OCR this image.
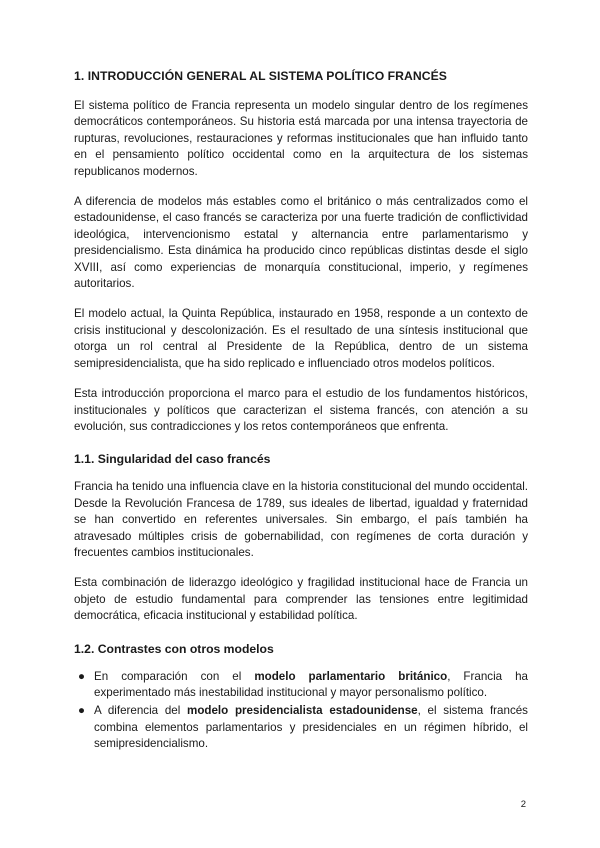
1. INTRODUCCIÓN GENERAL AL SISTEMA POLÍTICO FRANCÉS

El sistema político de Francia representa un modelo singular dentro de los regímenes democráticos contemporáneos. Su historia está marcada por una intensa trayectoria de rupturas, revoluciones, restauraciones y reformas institucionales que han influido tanto en el pensamiento político occidental como en la arquitectura de los sistemas republicanos modernos.

A diferencia de modelos más estables como el británico o más centralizados como el estadounidense, el caso francés se caracteriza por una fuerte tradición de conflictividad ideológica, intervencionismo estatal y alternancia entre parlamentarismo y presidencialismo. Esta dinámica ha producido cinco repúblicas distintas desde el siglo XVIII, así como experiencias de monarquía constitucional, imperio, y regímenes autoritarios.

El modelo actual, la Quinta República, instaurado en 1958, responde a un contexto de crisis institucional y descolonización. Es el resultado de una síntesis institucional que otorga un rol central al Presidente de la República, dentro de un sistema semipresidencialista, que ha sido replicado e influenciado otros modelos políticos.

Esta introducción proporciona el marco para el estudio de los fundamentos históricos, institucionales y políticos que caracterizan el sistema francés, con atención a su evolución, sus contradicciones y los retos contemporáneos que enfrenta.

1.1. Singularidad del caso francés

Francia ha tenido una influencia clave en la historia constitucional del mundo occidental. Desde la Revolución Francesa de 1789, sus ideales de libertad, igualdad y fraternidad se han convertido en referentes universales. Sin embargo, el país también ha atravesado múltiples crisis de gobernabilidad, con regímenes de corta duración y frecuentes cambios institucionales.

Esta combinación de liderazgo ideológico y fragilidad institucional hace de Francia un objeto de estudio fundamental para comprender las tensiones entre legitimidad democrática, eficacia institucional y estabilidad política.

1.2. Contrastes con otros modelos
● En comparación con el modelo parlamentario británico, Francia ha experimentado más inestabilidad institucional y mayor personalismo político.
● A diferencia del modelo presidencialista estadounidense, el sistema francés combina elementos parlamentarios y presidenciales en un régimen híbrido, el semipresidencialismo.
2
